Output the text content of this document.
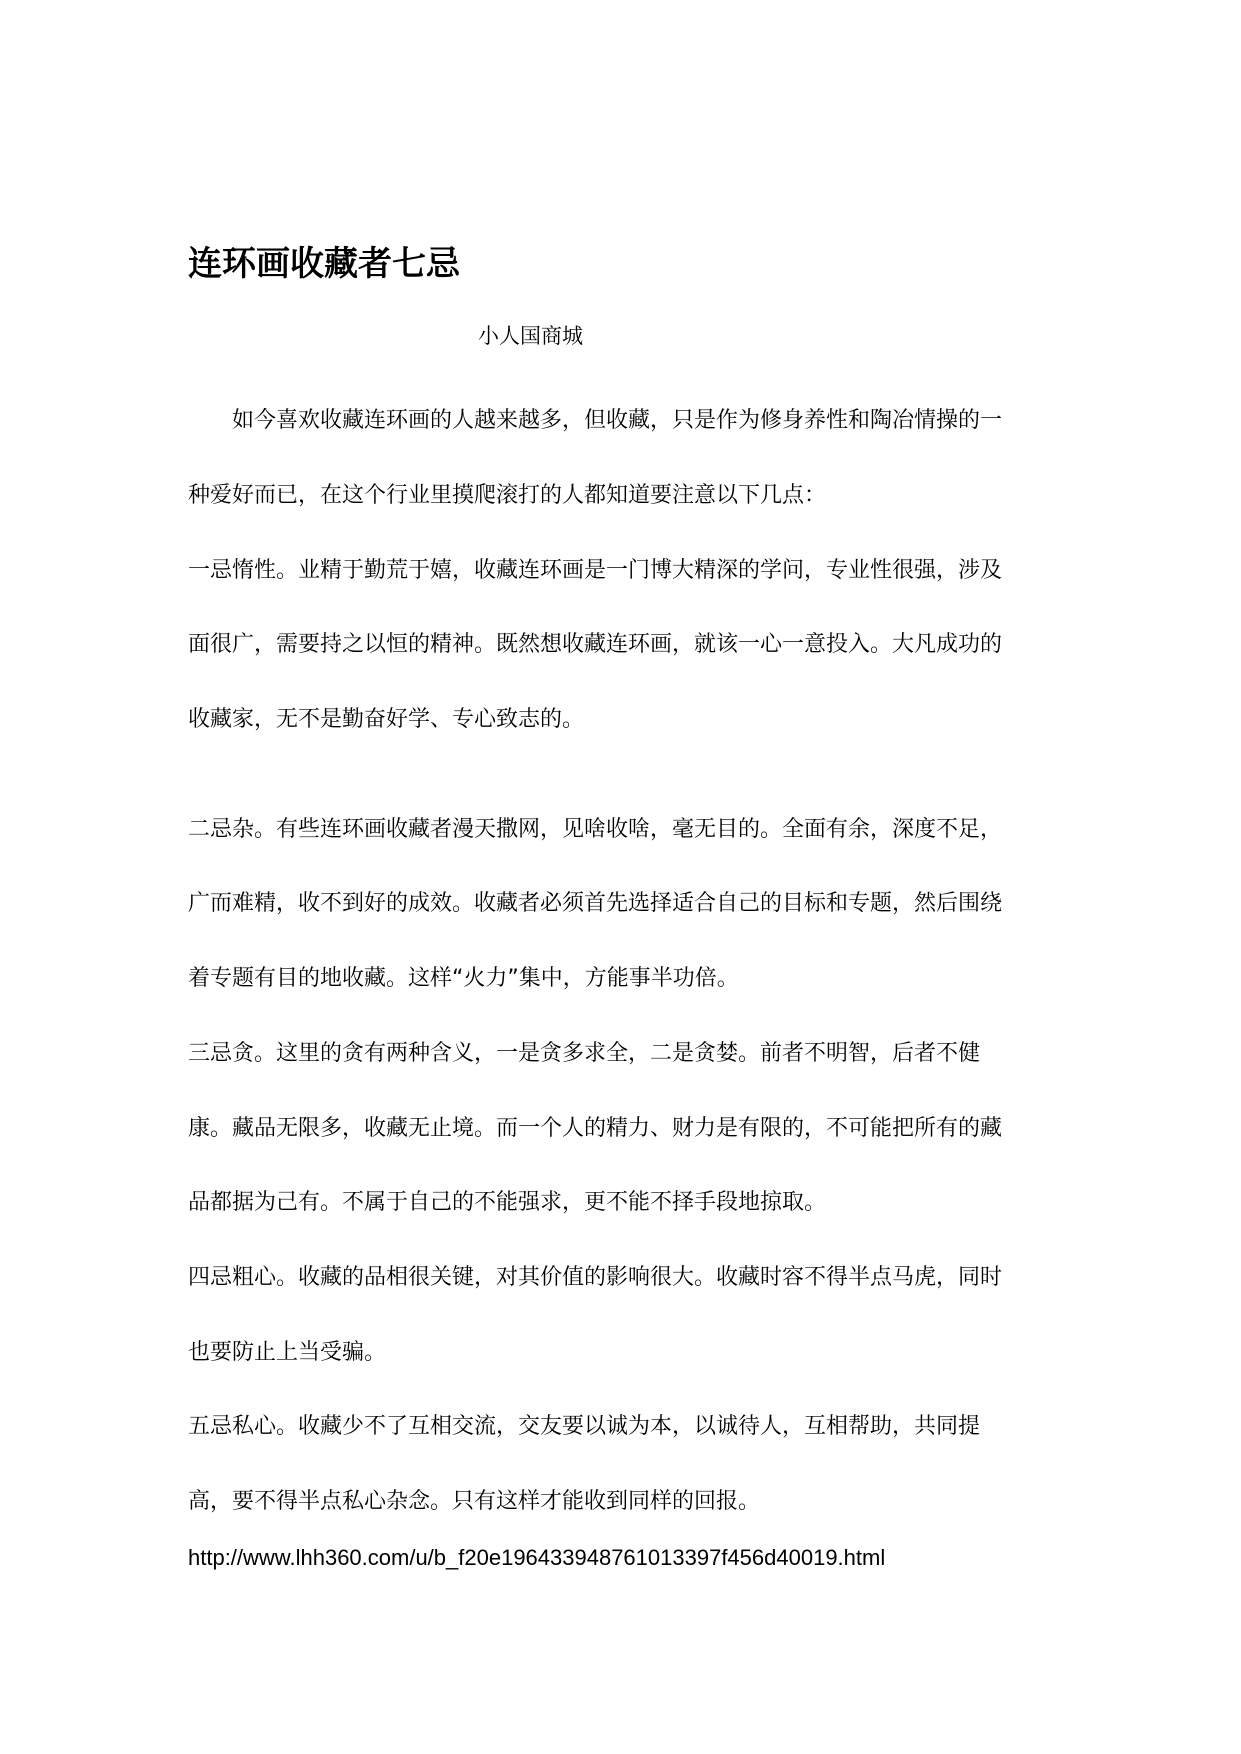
连环画收藏者七忌
小人国商城
　　如今喜欢收藏连环画的人越来越多，但收藏，只是作为修身养性和陶冶情操的一
种爱好而已，在这个行业里摸爬滚打的人都知道要注意以下几点：
一忌惰性。业精于勤荒于嬉，收藏连环画是一门博大精深的学问，专业性很强，涉及
面很广，需要持之以恒的精神。既然想收藏连环画，就该一心一意投入。大凡成功的
收藏家，无不是勤奋好学、专心致志的。
二忌杂。有些连环画收藏者漫天撒网，见啥收啥，毫无目的。全面有余，深度不足，
广而难精，收不到好的成效。收藏者必须首先选择适合自己的目标和专题，然后围绕
着专题有目的地收藏。这样“火力”集中，方能事半功倍。
三忌贪。这里的贪有两种含义，一是贪多求全，二是贪婪。前者不明智，后者不健
康。藏品无限多，收藏无止境。而一个人的精力、财力是有限的，不可能把所有的藏
品都据为己有。不属于自己的不能强求，更不能不择手段地掠取。
四忌粗心。收藏的品相很关键，对其价值的影响很大。收藏时容不得半点马虎，同时
也要防止上当受骗。
五忌私心。收藏少不了互相交流，交友要以诚为本，以诚待人，互相帮助，共同提
高，要不得半点私心杂念。只有这样才能收到同样的回报。
http://www.lhh360.com/u/b_f20e196433948761013397f456d40019.html
